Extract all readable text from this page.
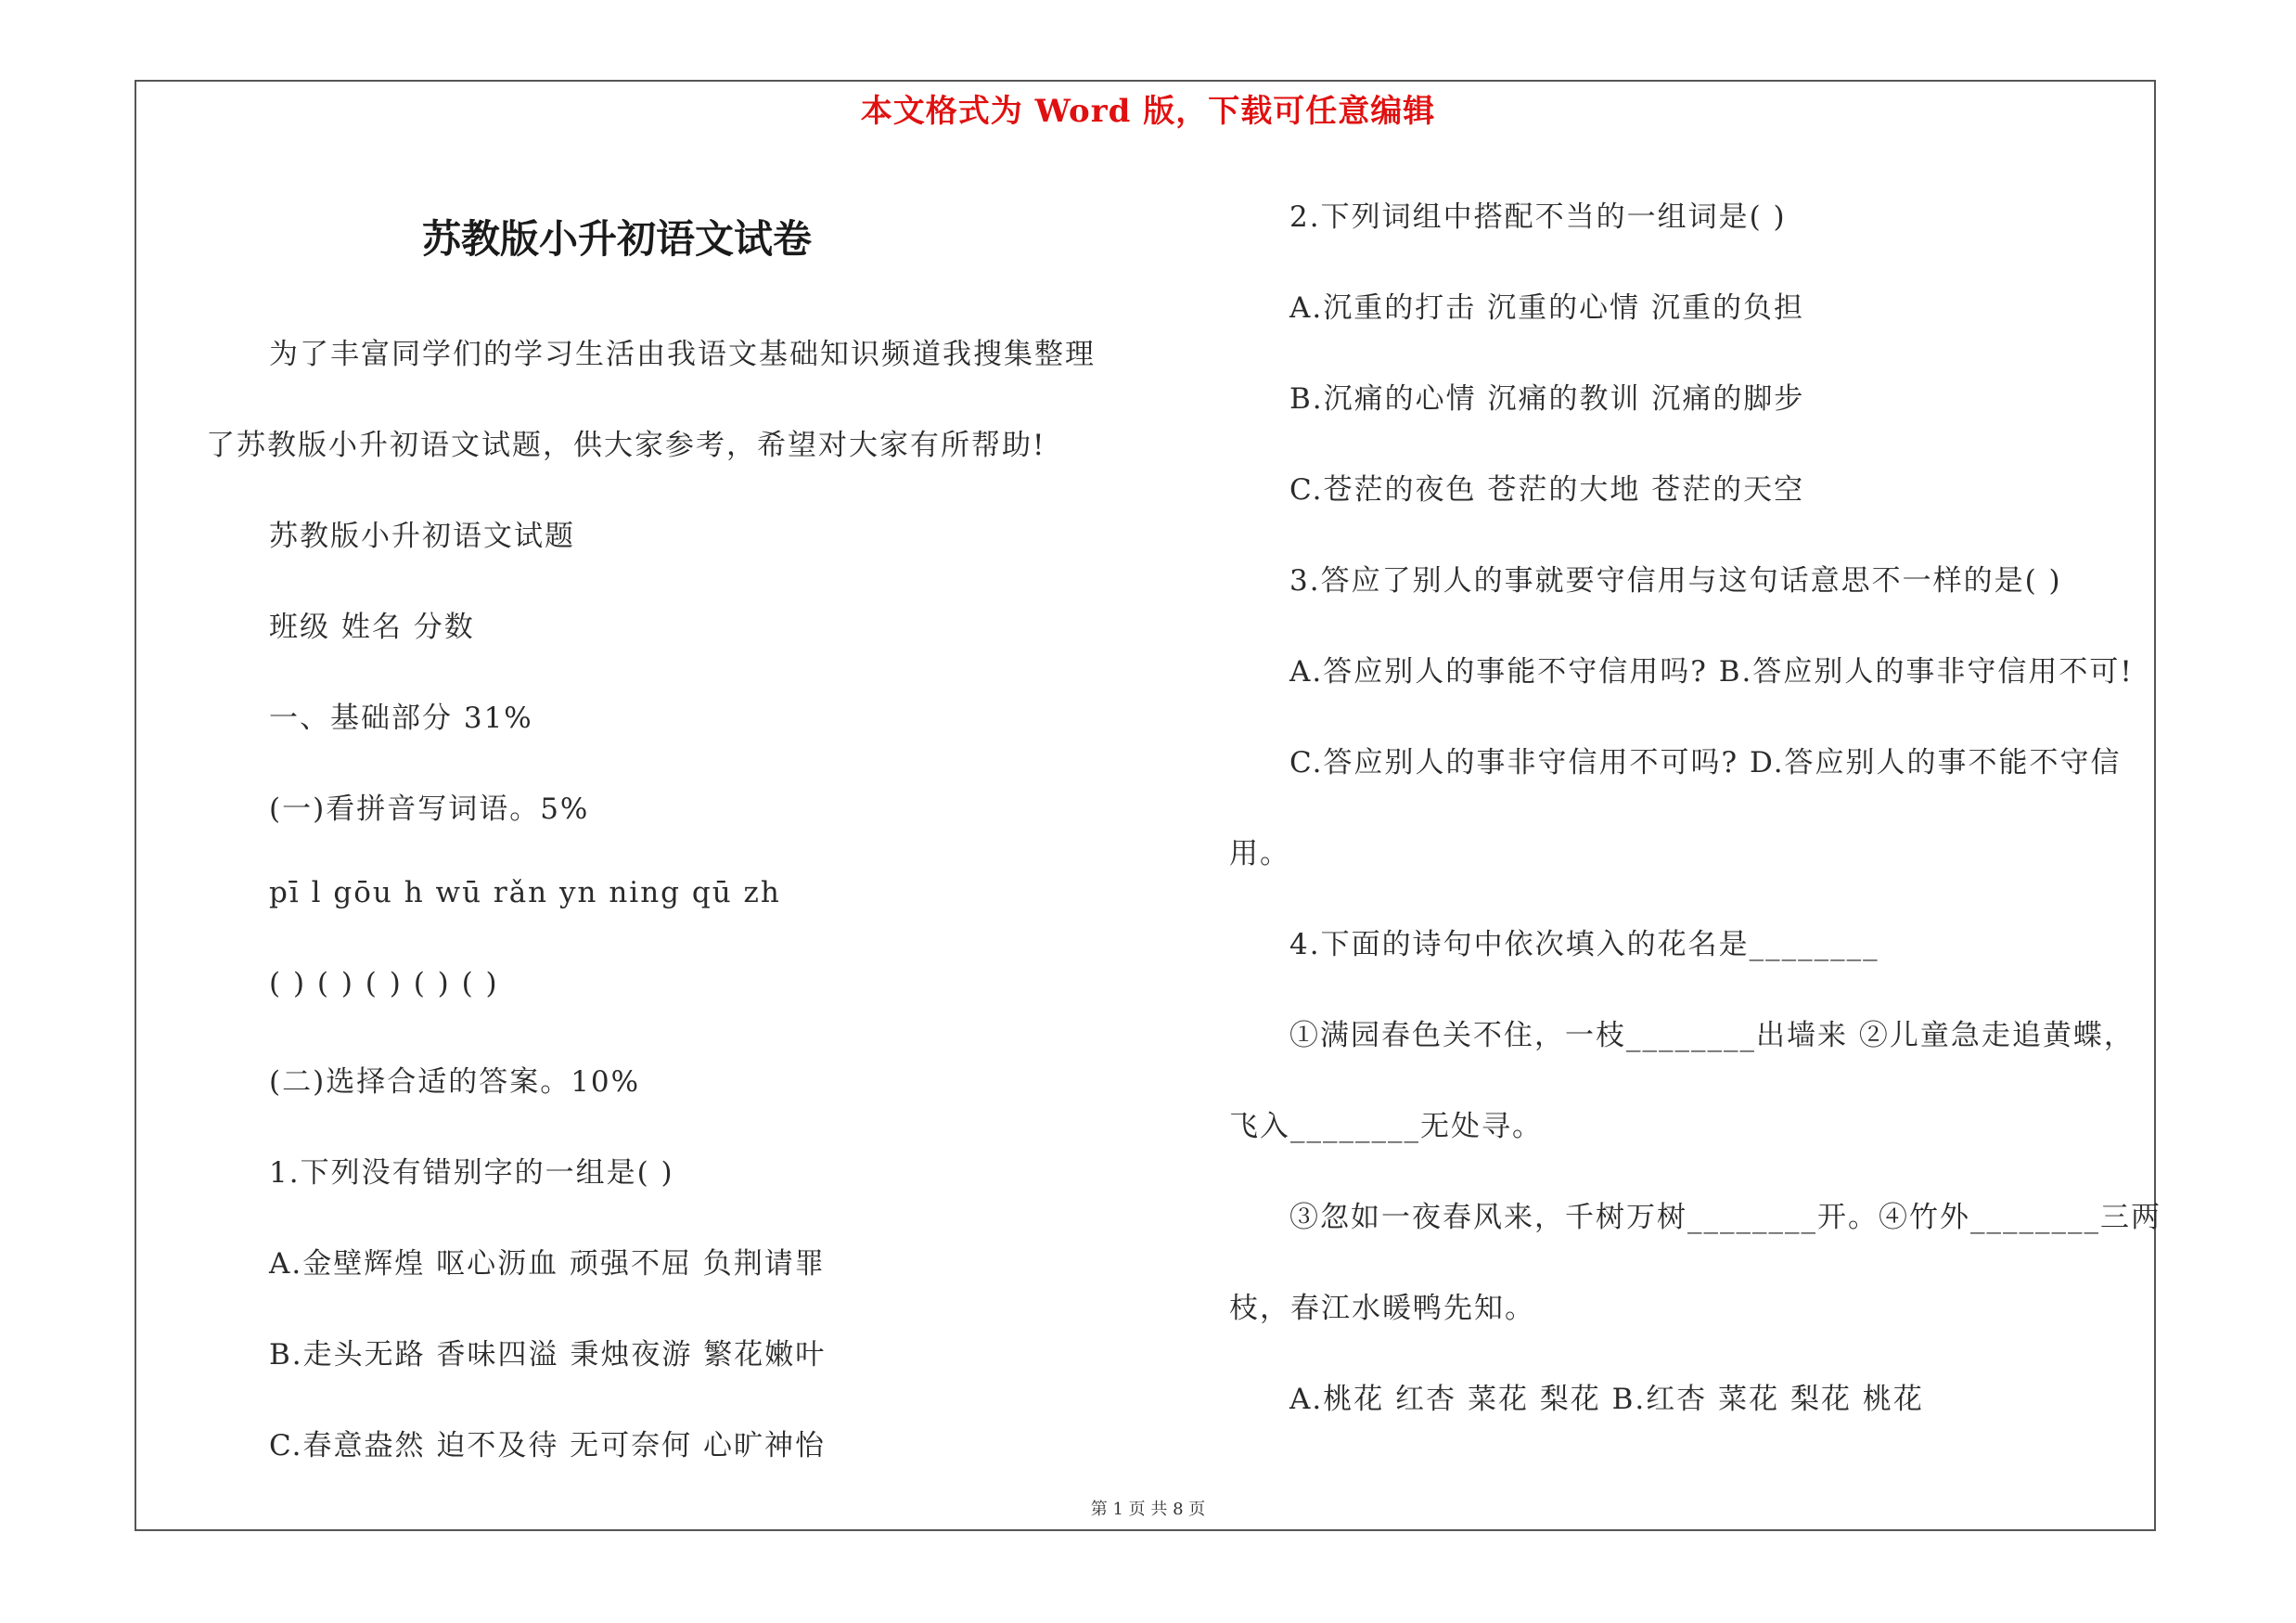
本文格式为 Word 版，下载可任意编辑
苏教版小升初语文试卷
为了丰富同学们的学习生活由我语文基础知识频道我搜集整理
了苏教版小升初语文试题，供大家参考，希望对大家有所帮助!
苏教版小升初语文试题
班级 姓名 分数
一、基础部分 31%
(一)看拼音写词语。5%
pī l gōu h wū rǎn yn ning qū zh
( ) ( ) ( ) ( ) ( )
(二)选择合适的答案。10%
1.下列没有错别字的一组是( )
A.金壁辉煌 呕心沥血 顽强不屈 负荆请罪
B.走头无路 香味四溢 秉烛夜游 繁花嫩叶
C.春意盎然 迫不及待 无可奈何 心旷神怡
2.下列词组中搭配不当的一组词是( )
A.沉重的打击 沉重的心情 沉重的负担
B.沉痛的心情 沉痛的教训 沉痛的脚步
C.苍茫的夜色 苍茫的大地 苍茫的天空
3.答应了别人的事就要守信用与这句话意思不一样的是( )
A.答应别人的事能不守信用吗? B.答应别人的事非守信用不可!
C.答应别人的事非守信用不可吗? D.答应别人的事不能不守信
用。
4.下面的诗句中依次填入的花名是________
①满园春色关不住，一枝________出墙来 ②儿童急走追黄蝶，
飞入________无处寻。
③忽如一夜春风来，千树万树________开。④竹外________三两
枝，春江水暖鸭先知。
A.桃花 红杏 菜花 梨花 B.红杏 菜花 梨花 桃花
第 1 页 共 8 页
